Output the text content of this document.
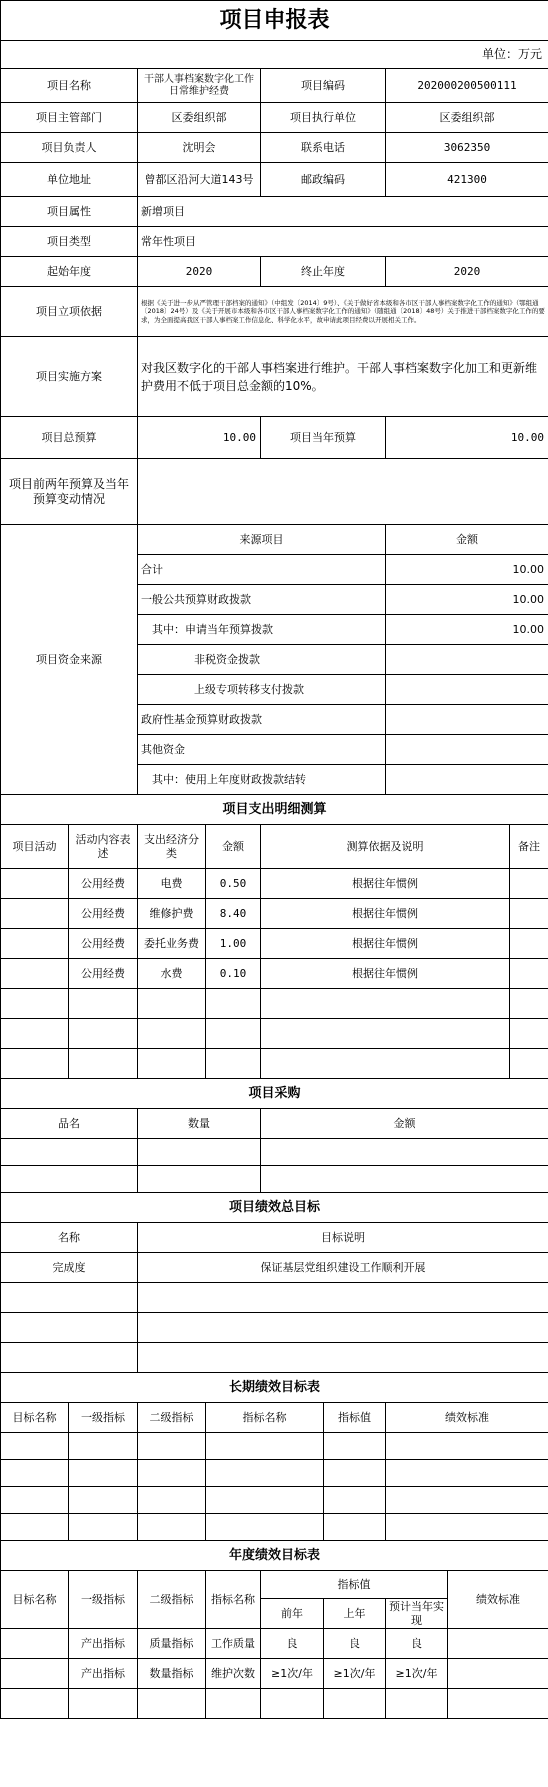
项目申报表								
单位：万元								
项目名称		干部人事档案数字化工作日常维护经费		项目编码		202000200500111		
项目主管部门		区委组织部		项目执行单位		区委组织部		
项目负责人		沈明会		联系电话		3062350		
单位地址		曾都区沿河大道143号		邮政编码		421300		
项目属性		新增项目						
项目类型		常年性项目						
起始年度		2020		终止年度		2020		
项目立项依据		根据《关于进一步从严管理干部档案的通知》（中组发〔2014〕9号）、《关于做好省本级和各市区干部人事档案数字化工作的通知》（鄂组通〔2018〕24号）及《关于开展市本级和各市区干部人事档案数字化工作的通知》（随组通〔2018〕48号）关于推进干部档案数字化工作的要求，为全面提高我区干部人事档案工作信息化、科学化水平，故申请此项目经费以开展相关工作。						
项目实施方案		对我区数字化的干部人事档案进行维护。干部人事档案数字化加工和更新维护费用不低于项目总金额的10%。						
项目总预算		10.00		项目当年预算		10.00		
项目前两年预算及当年预算变动情况								
项目资金来源		来源项目				金额		
		合计				10.00		
		一般公共预算财政拨款				10.00		
		其中：申请当年预算拨款				10.00		
		非税资金拨款						
		上级专项转移支付拨款						
		政府性基金预算财政拨款						
		其他资金						
		其中：使用上年度财政拨款结转						
项目支出明细测算								
项目活动	活动内容表述	支出经济分类	金额	测算依据及说明				备注
	公用经费	电费	0.50	根据往年惯例				
	公用经费	维修护费	8.40	根据往年惯例				
	公用经费	委托业务费	1.00	根据往年惯例				
	公用经费	水费	0.10	根据往年惯例				

项目采购								
品名		数量		金额				

项目绩效总目标								
名称		目标说明						
完成度		保证基层党组织建设工作顺利开展						

长期绩效目标表								
目标名称	一级指标	二级指标	指标名称		指标值	绩效标准		

年度绩效目标表								
目标名称	一级指标	二级指标	指标名称	指标值			绩效标准	
				前年	上年	预计当年实现		
	产出指标	质量指标	工作质量	良	良	良		
	产出指标	数量指标	维护次数	≥1次/年	≥1次/年	≥1次/年		
